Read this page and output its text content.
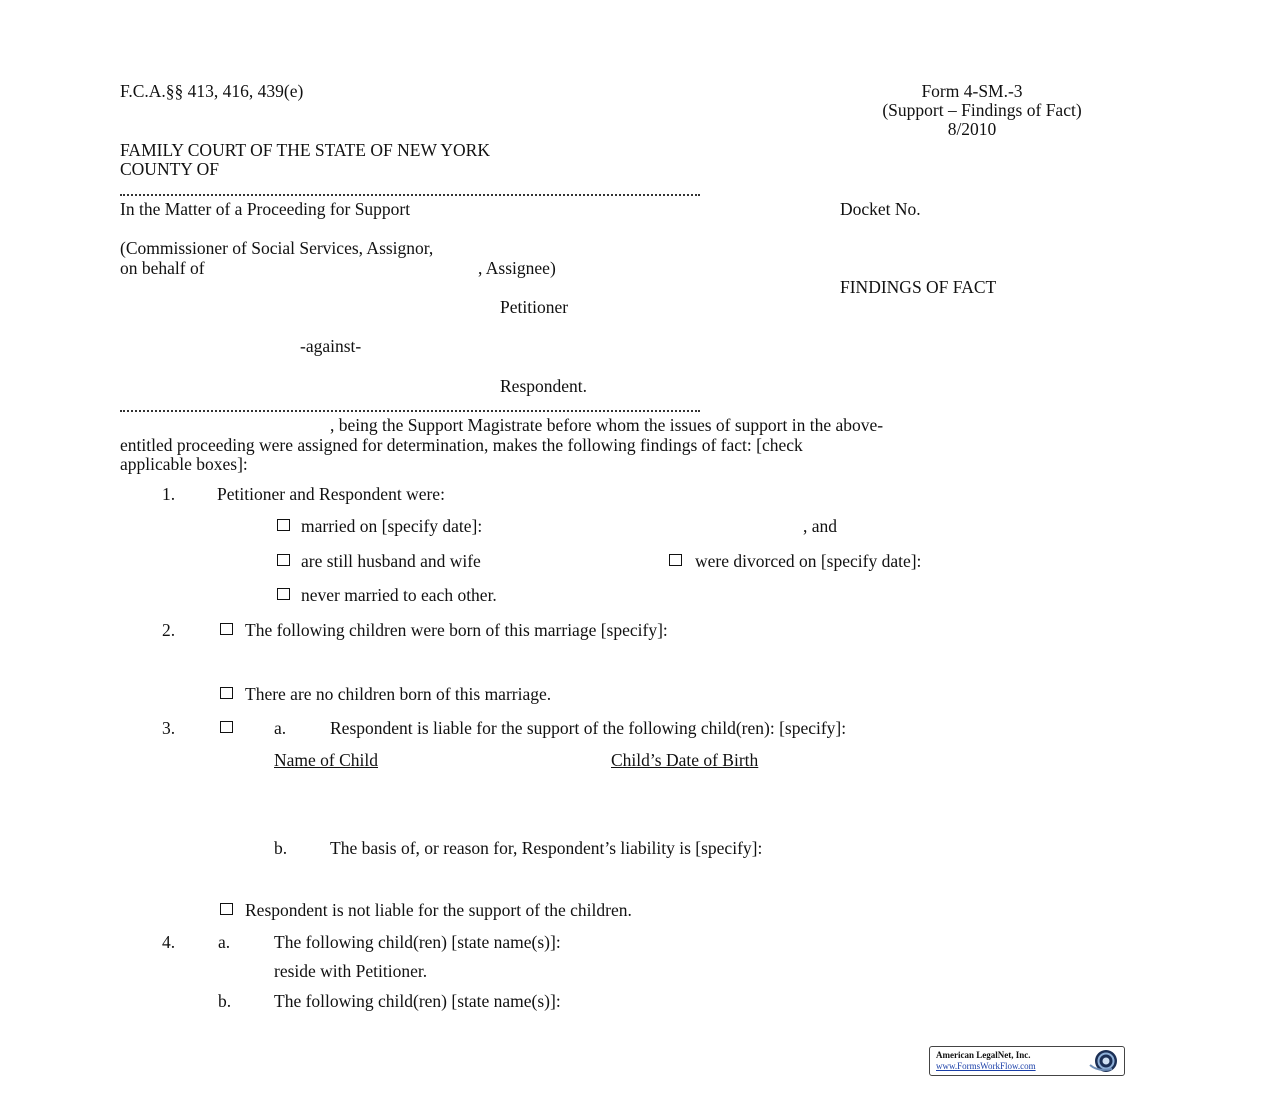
F.C.A.§§ 413, 416, 439(e)	Form 4-SM.-3
(Support – Findings of Fact)
8/2010
FAMILY COURT OF THE STATE OF NEW YORK
COUNTY OF
In the Matter of a Proceeding for Support	Docket No.
(Commissioner of Social Services, Assignor,
on behalf of	, Assignee)
FINDINGS OF FACT
Petitioner
-against-
Respondent.
, being the Support Magistrate before whom the issues of support in the above-
entitled proceeding were assigned for determination, makes the following findings of fact: [check
applicable boxes]:
1. Petitioner and Respondent were:
married on [specify date]:	, and
are still husband and wife	were divorced on [specify date]:
never married to each other.
2.	The following children were born of this marriage [specify]:
There are no children born of this marriage.
3.	a.	Respondent is liable for the support of the following child(ren): [specify]:
Name of Child	Child’s Date of Birth
b. The basis of, or reason for, Respondent’s liability is [specify]:
Respondent is not liable for the support of the children.
4. a.	The following child(ren) [state name(s)]:
reside with Petitioner.
b. The following child(ren) [state name(s)]:
American LegalNet, Inc.
www.FormsWorkFlow.com
